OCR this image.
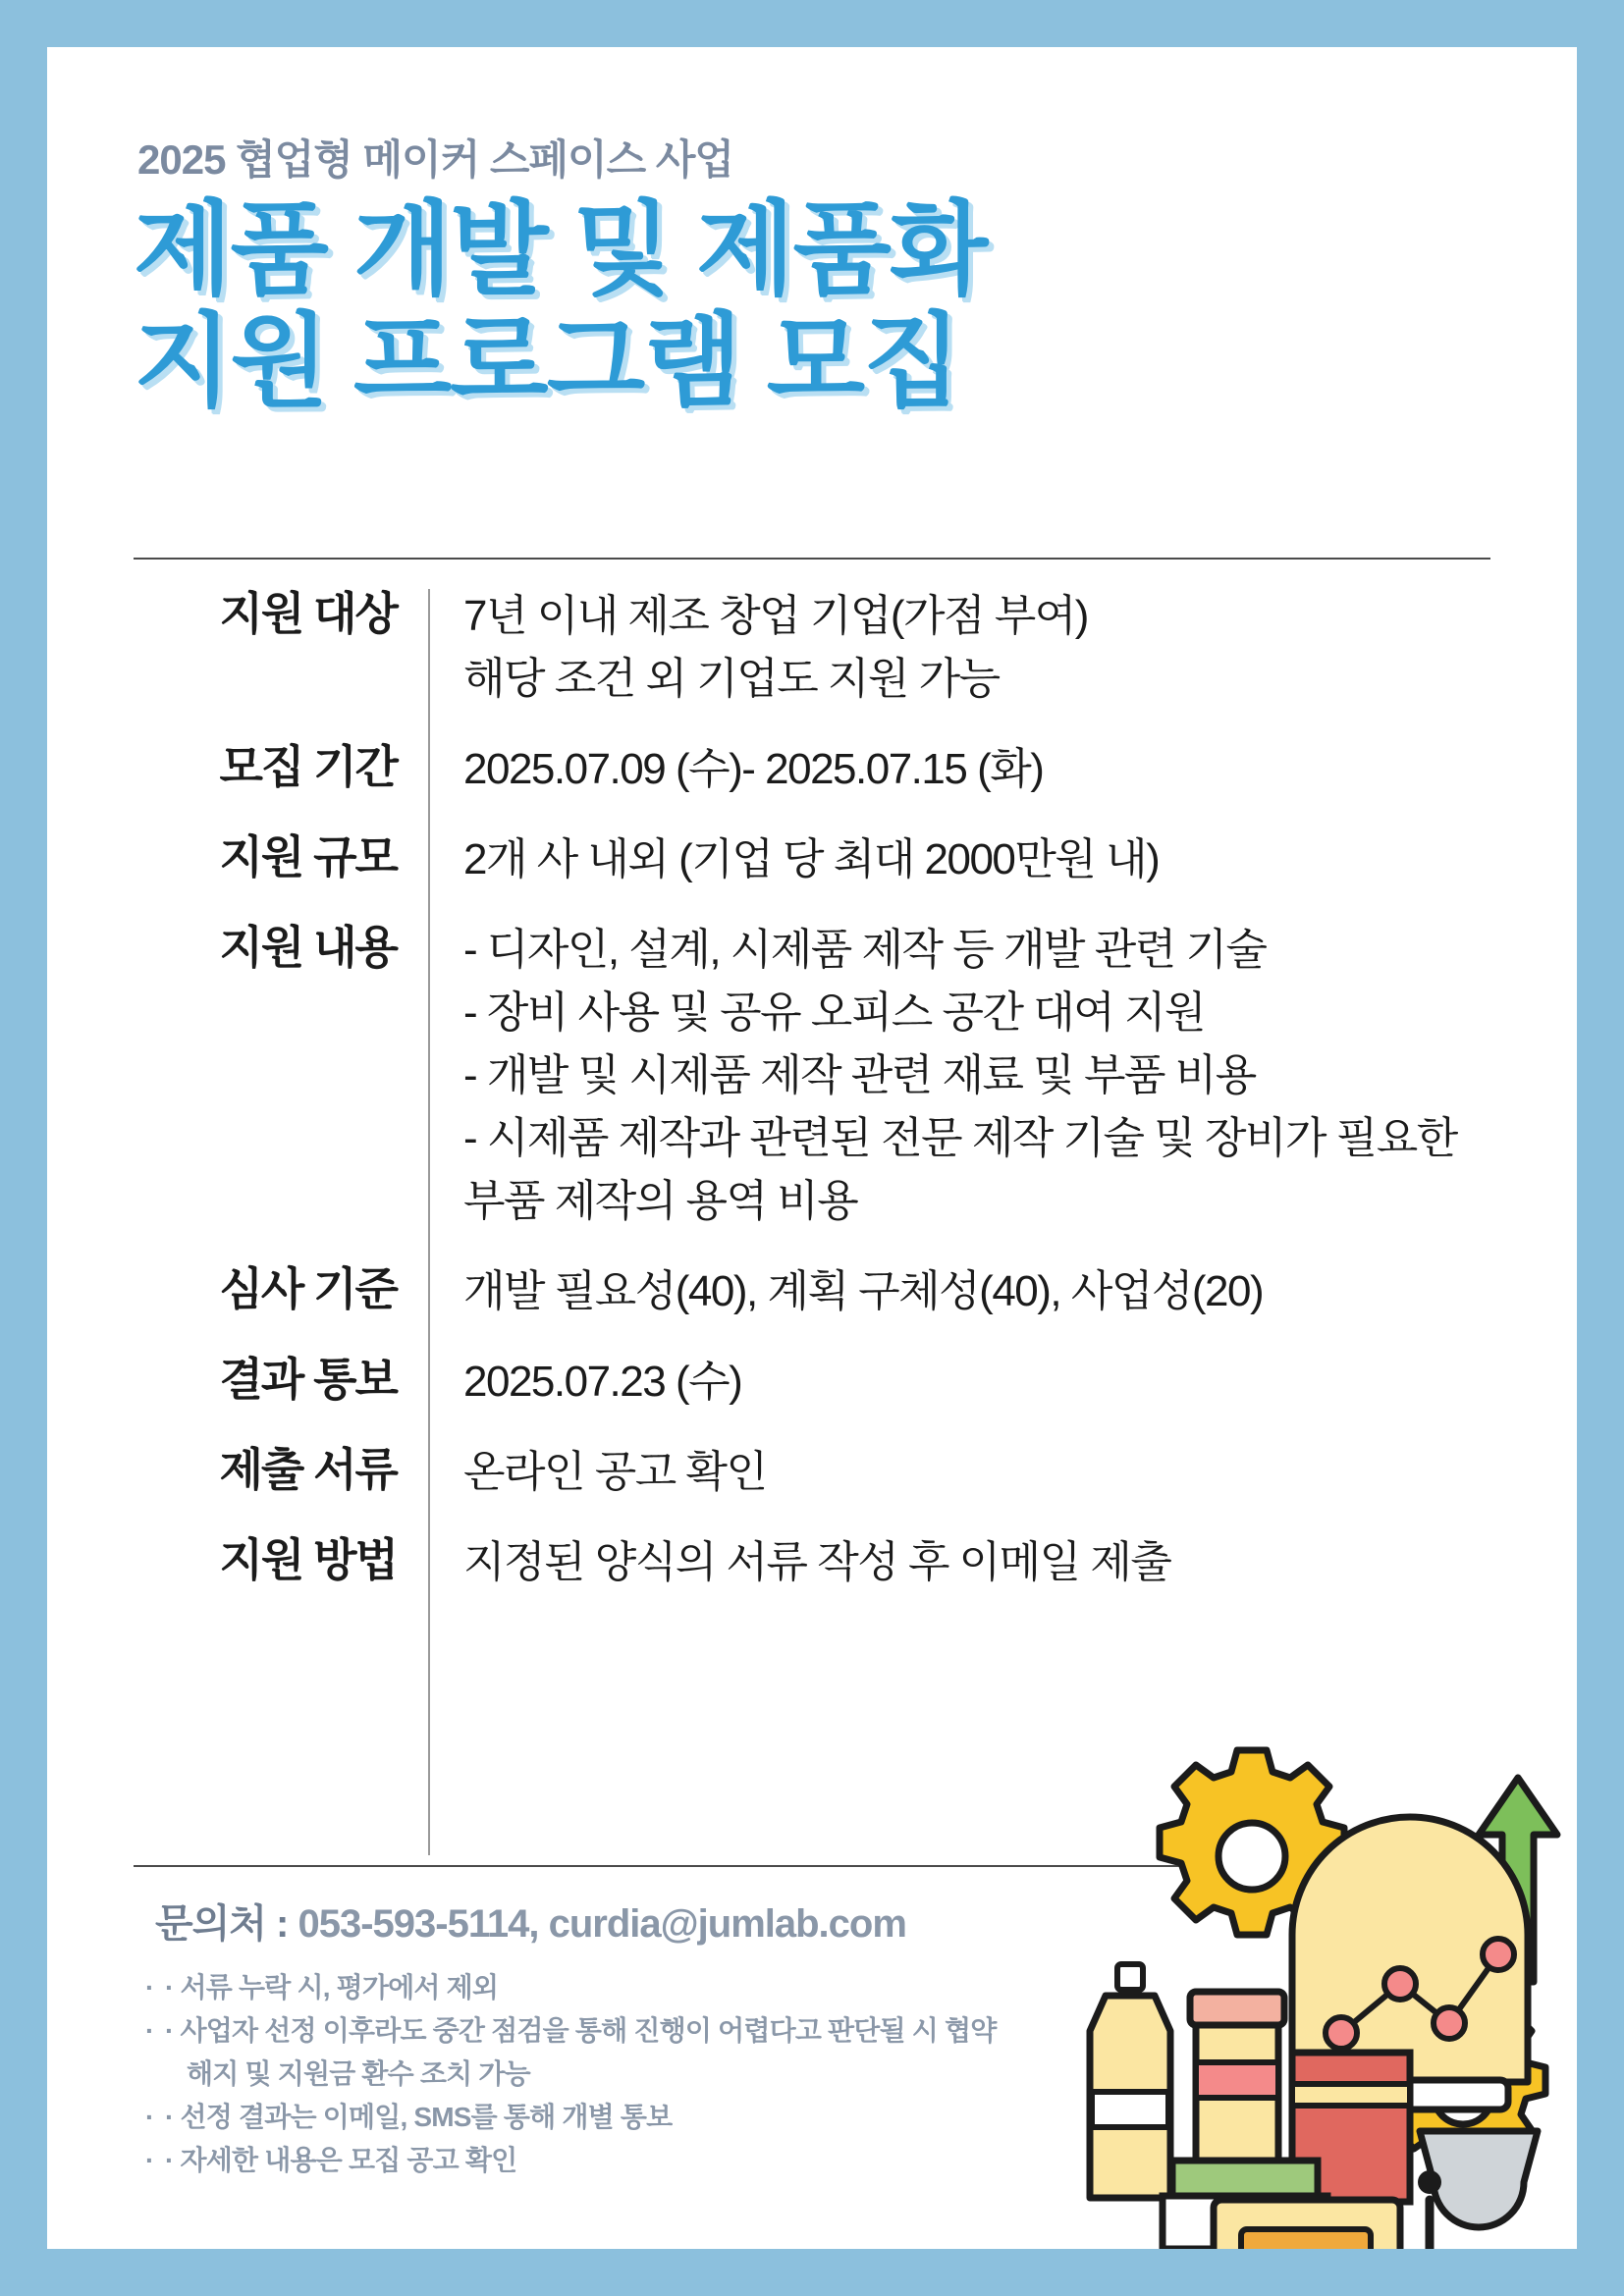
2025 협업형 메이커 스페이스 사업
제품 개발 및 제품화
지원 프로그램 모집
지원 대상	7년 이내 제조 창업 기업(가점 부여)
해당 조건 외 기업도 지원 가능
모집 기간	2025.07.09 (수)- 2025.07.15 (화)
지원 규모	2개 사 내외 (기업 당 최대 2000만원 내)
지원 내용	- 디자인, 설계, 시제품 제작 등 개발 관련 기술
- 장비 사용 및 공유 오피스 공간 대여 지원
- 개발 및 시제품 제작 관련 재료 및 부품 비용
- 시제품 제작과 관련된 전문 제작 기술 및 장비가 필요한 부품 제작의 용역 비용
심사 기준	개발 필요성(40), 계획 구체성(40), 사업성(20)
결과 통보	2025.07.23 (수)
제출 서류	온라인 공고 확인
지원 방법	지정된 양식의 서류 작성 후 이메일 제출
문의처 : 053-593-5114, curdia@jumlab.com
· · 서류 누락 시, 평가에서 제외
· · 사업자 선정 이후라도 중간 점검을 통해 진행이 어렵다고 판단될 시 협약
해지 및 지원금 환수 조치 가능
· · 선정 결과는 이메일, SMS를 통해 개별 통보
· · 자세한 내용은 모집 공고 확인
